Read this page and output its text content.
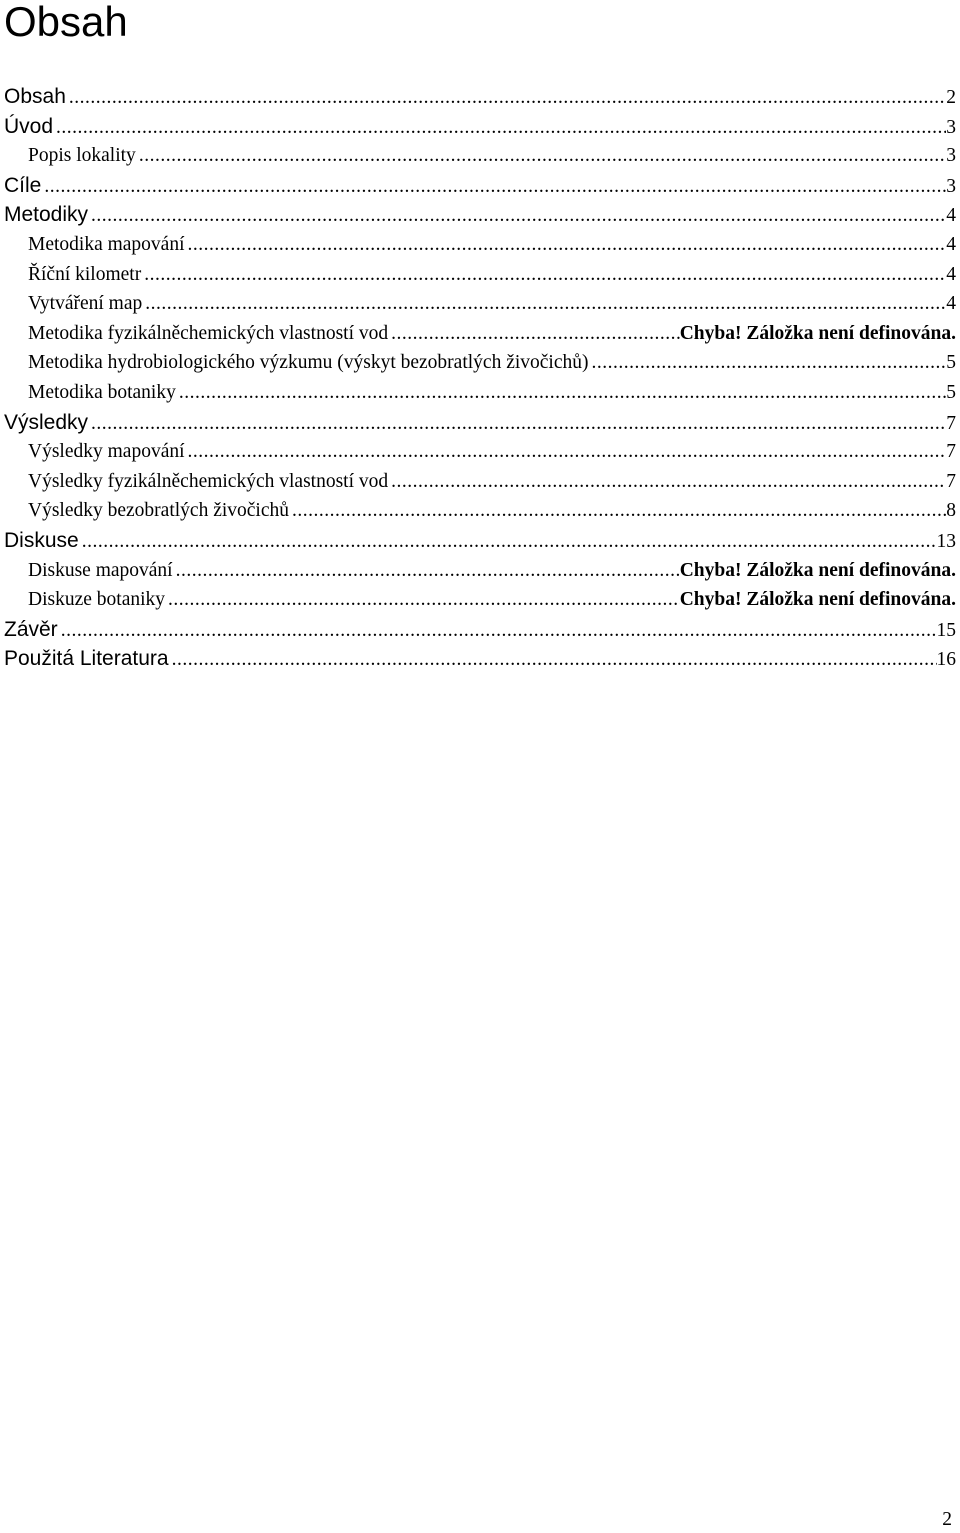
Obsah
Obsah .....	2
Úvod .....	3
Popis lokality .....	3
Cíle .....	3
Metodiky .....	4
Metodika mapování .....	4
Říční kilometr .....	4
Vytváření map .....	4
Metodika fyzikálněchemických vlastností vod .....	Chyba! Záložka není definována.
Metodika hydrobiologického výzkumu (výskyt bezobratlých živočichů) .....	5
Metodika botaniky .....	5
Výsledky .....	7
Výsledky mapování .....	7
Výsledky fyzikálněchemických vlastností vod .....	7
Výsledky bezobratlých živočichů .....	8
Diskuse .....	13
Diskuse mapování .....	Chyba! Záložka není definována.
Diskuze botaniky .....	Chyba! Záložka není definována.
Závěr .....	15
Použitá Literatura .....	16
2
